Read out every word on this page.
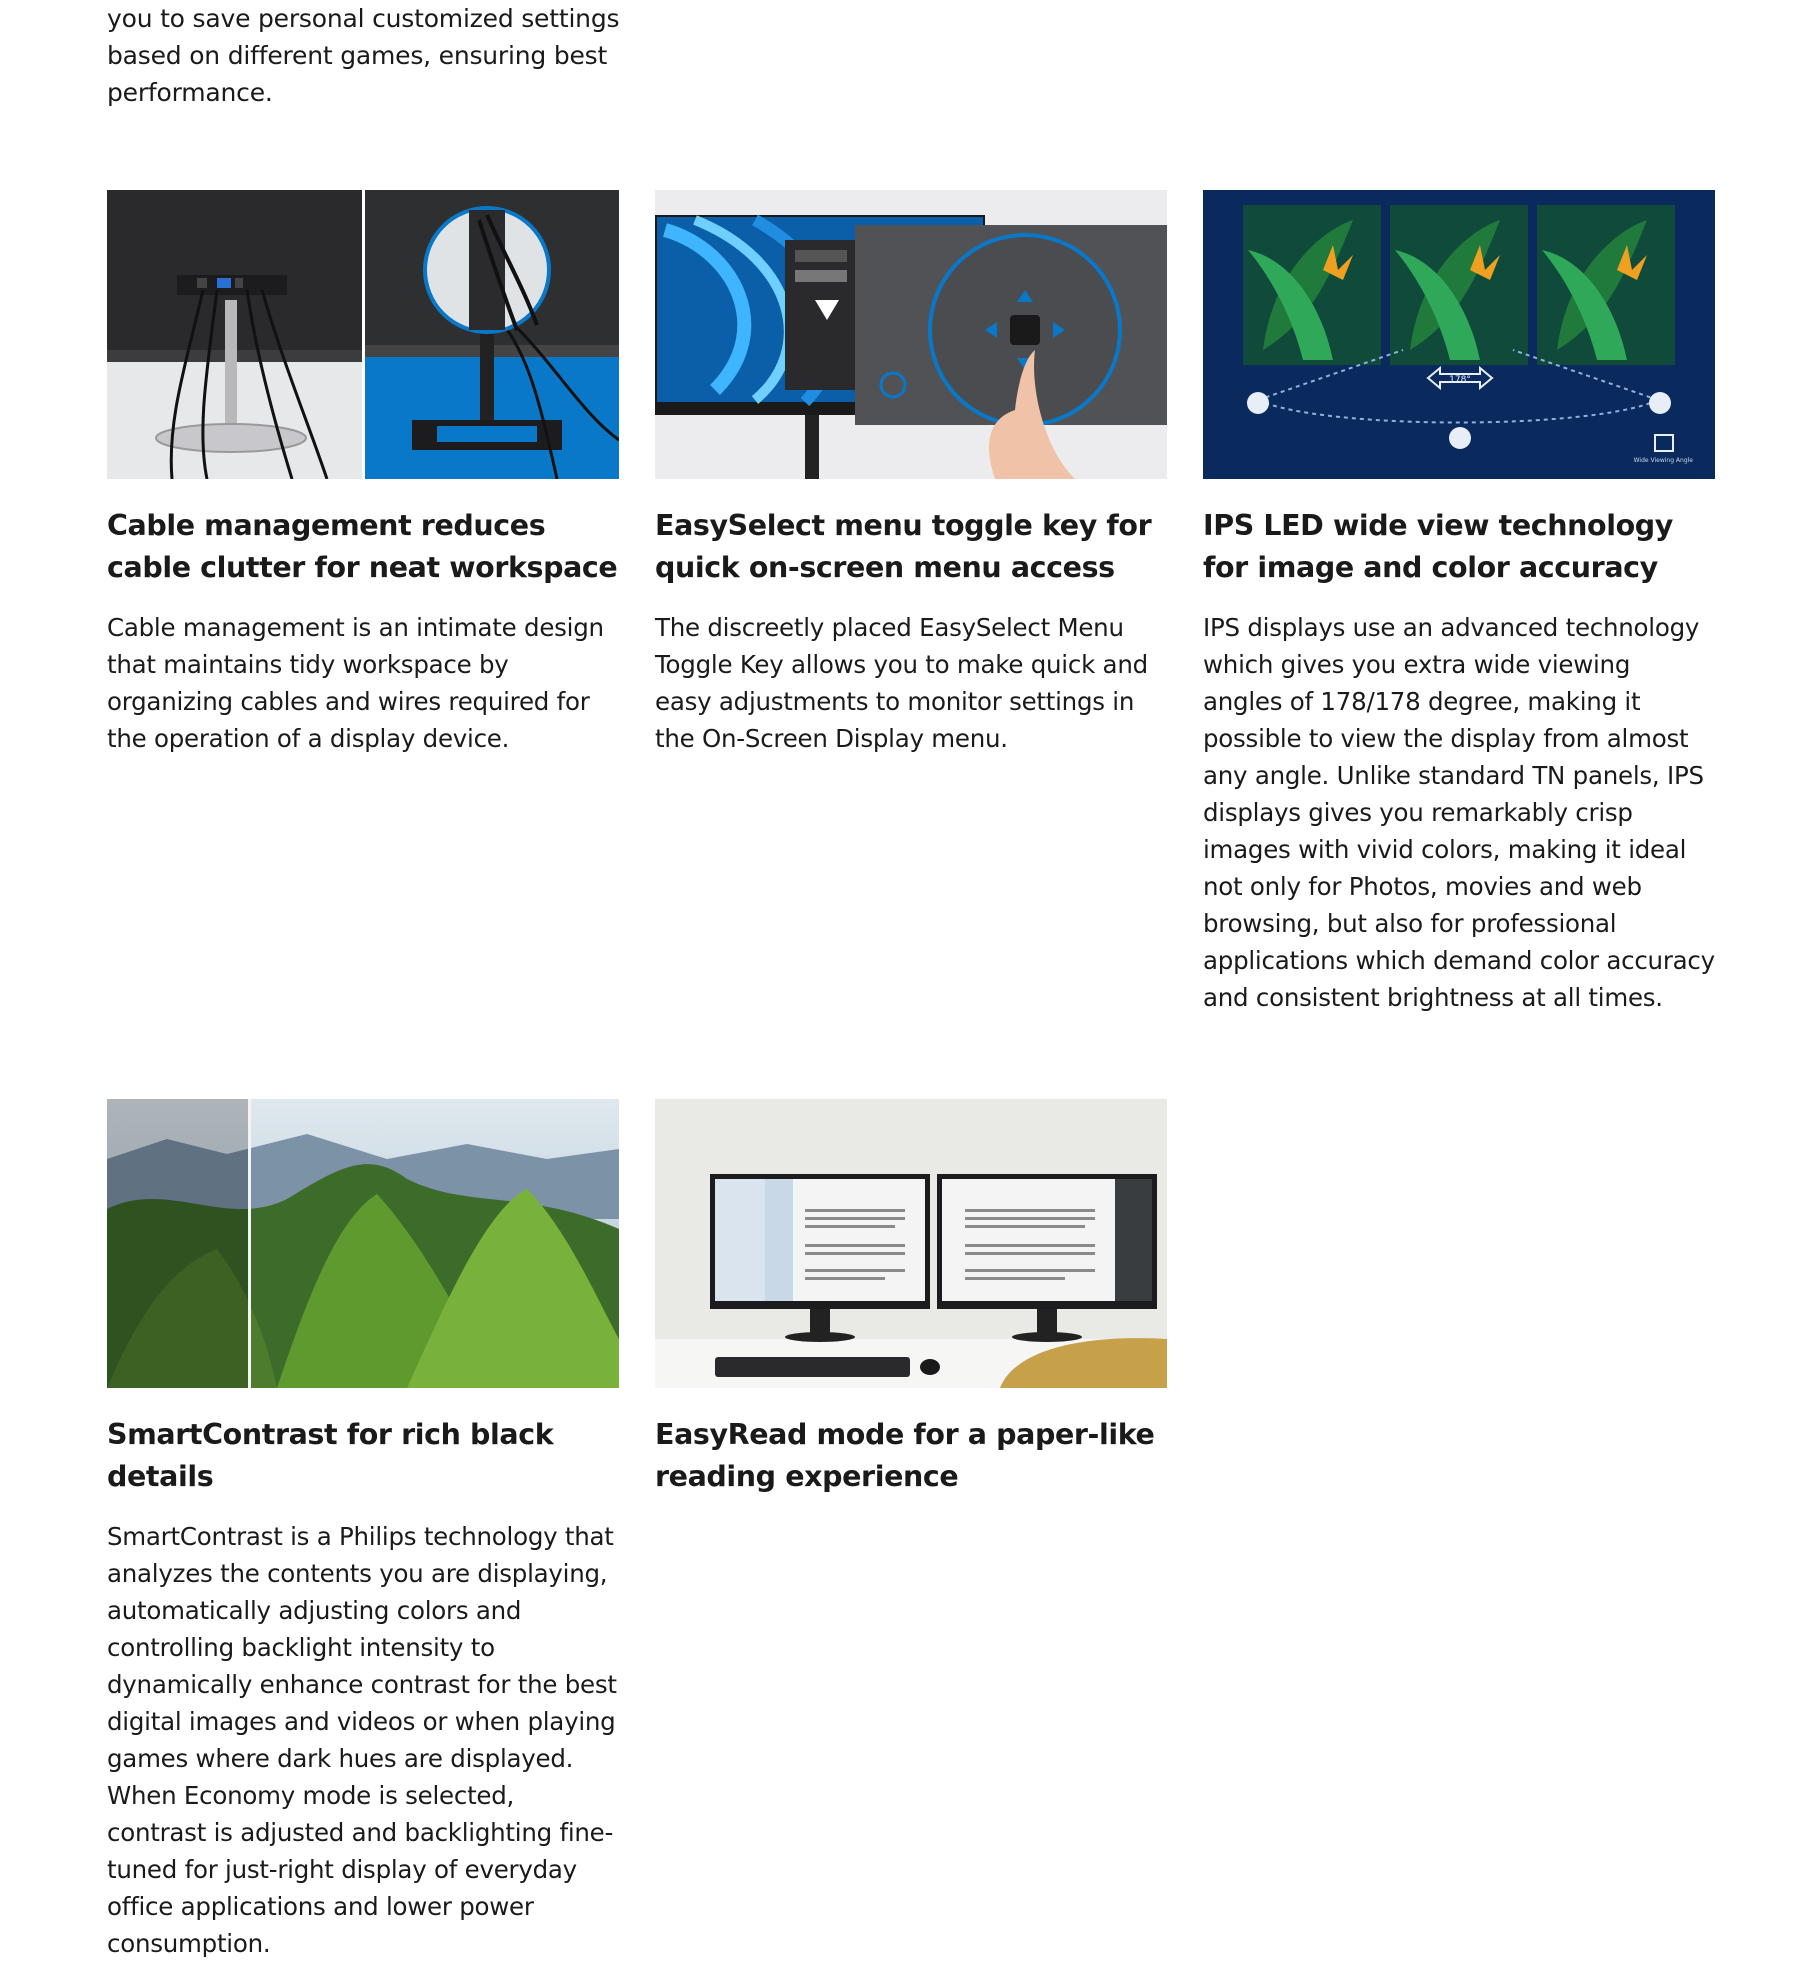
you to save personal customized settings based on different games, ensuring best performance.
Cable management reduces cable clutter for neat workspace

Cable management is an intimate design that maintains tidy workspace by organizing cables and wires required for the operation of a display device.

EasySelect menu toggle key for quick on-screen menu access

The discreetly placed EasySelect Menu Toggle Key allows you to make quick and easy adjustments to monitor settings in the On-Screen Display menu.

178°
Wide Viewing Angle
IPS LED wide view technology for image and color accuracy

IPS displays use an advanced technology which gives you extra wide viewing angles of 178/178 degree, making it possible to view the display from almost any angle. Unlike standard TN panels, IPS displays gives you remarkably crisp images with vivid colors, making it ideal not only for Photos, movies and web browsing, but also for professional applications which demand color accuracy and consistent brightness at all times.

SmartContrast for rich black details

SmartContrast is a Philips technology that analyzes the contents you are displaying, automatically adjusting colors and controlling backlight intensity to dynamically enhance contrast for the best digital images and videos or when playing games where dark hues are displayed. When Economy mode is selected, contrast is adjusted and backlighting fine-tuned for just-right display of everyday office applications and lower power consumption.

EasyRead mode for a paper-like reading experience
